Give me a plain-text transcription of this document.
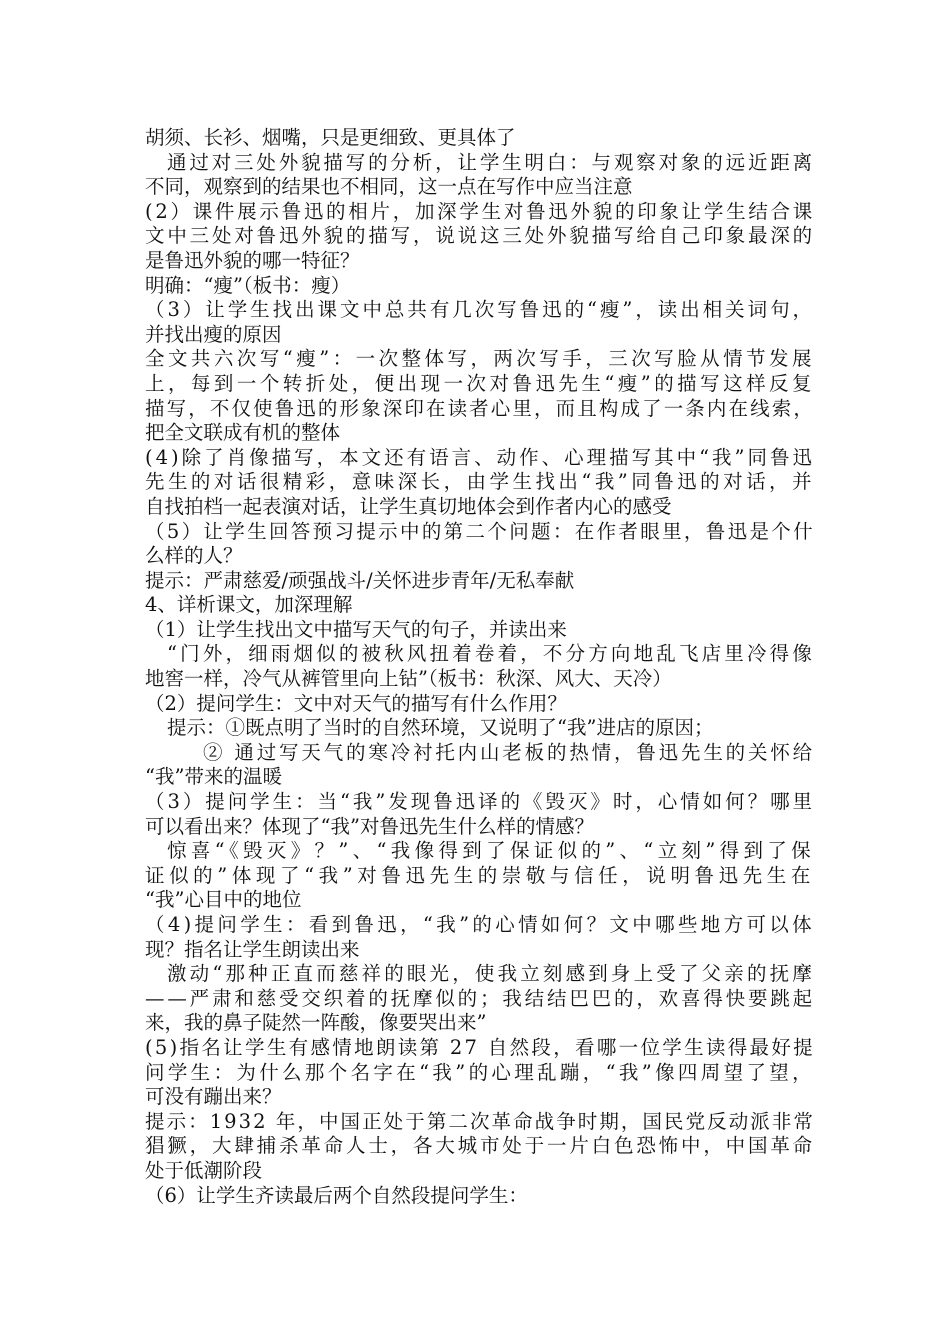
胡须、长衫、烟嘴，只是更细致、更具体了
通过对三处外貌描写的分析，让学生明白：与观察对象的远近距离
不同，观察到的结果也不相同，这一点在写作中应当注意
(2）课件展示鲁迅的相片，加深学生对鲁迅外貌的印象让学生结合课
文中三处对鲁迅外貌的描写，说说这三处外貌描写给自己印象最深的
是鲁迅外貌的哪一特征？
明确：“瘦”（板书：瘦）
（3）让学生找出课文中总共有几次写鲁迅的“瘦”，读出相关词句，
并找出瘦的原因
全文共六次写“瘦”：一次整体写，两次写手，三次写脸从情节发展
上，每到一个转折处，便出现一次对鲁迅先生“瘦”的描写这样反复
描写，不仅使鲁迅的形象深印在读者心里，而且构成了一条内在线索，
把全文联成有机的整体
(4)除了肖像描写，本文还有语言、动作、心理描写其中“我”同鲁迅
先生的对话很精彩，意味深长，由学生找出“我”同鲁迅的对话，并
自找拍档一起表演对话，让学生真切地体会到作者内心的感受
（5）让学生回答预习提示中的第二个问题：在作者眼里，鲁迅是个什
么样的人？
提示：严肃慈爱/顽强战斗/关怀进步青年/无私奉献
4、详析课文，加深理解
（1）让学生找出文中描写天气的句子，并读出来
“门外，细雨烟似的被秋风扭着卷着，不分方向地乱飞店里冷得像
地窖一样，冷气从裤管里向上钻”（板书：秋深、风大、天冷）
（2）提问学生：文中对天气的描写有什么作用？
提示：①既点明了当时的自然环境，又说明了“我”进店的原因；
② 通过写天气的寒冷衬托内山老板的热情，鲁迅先生的关怀给
“我”带来的温暖
（3）提问学生：当“我”发现鲁迅译的《毁灭》时，心情如何？哪里
可以看出来？体现了“我”对鲁迅先生什么样的情感？
惊喜“《毁灭》？”、“我像得到了保证似的”、“立刻”得到了保
证似的”体现了“我”对鲁迅先生的崇敬与信任，说明鲁迅先生在
“我”心目中的地位
（4)提问学生：看到鲁迅，“我”的心情如何？文中哪些地方可以体
现？指名让学生朗读出来
激动“那种正直而慈祥的眼光，使我立刻感到身上受了父亲的抚摩
——严肃和慈受交织着的抚摩似的；我结结巴巴的，欢喜得快要跳起
来，我的鼻子陡然一阵酸，像要哭出来”
(5)指名让学生有感情地朗读第 27 自然段，看哪一位学生读得最好提
问学生：为什么那个名字在“我”的心理乱蹦，“我”像四周望了望，
可没有蹦出来？
提示：1932 年，中国正处于第二次革命战争时期，国民党反动派非常
猖獗，大肆捕杀革命人士，各大城市处于一片白色恐怖中，中国革命
处于低潮阶段
（6）让学生齐读最后两个自然段提问学生：
